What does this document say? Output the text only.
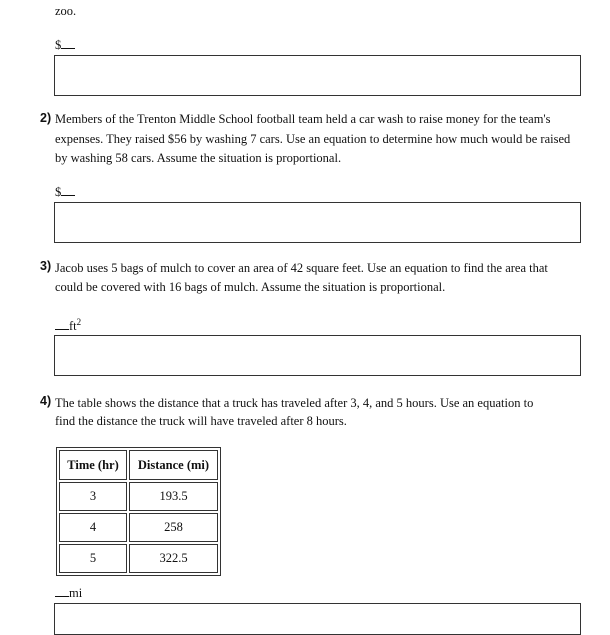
zoo.
$
2) Members of the Trenton Middle School football team held a car wash to raise money for the team's
expenses. They raised $56 by washing 7 cars. Use an equation to determine how much would be raised
by washing 58 cars. Assume the situation is proportional.
$
3) Jacob uses 5 bags of mulch to cover an area of 42 square feet. Use an equation to find the area that
could be covered with 16 bags of mulch. Assume the situation is proportional.
$ft^2$
4) The table shows the distance that a truck has traveled after 3, 4, and 5 hours. Use an equation to
find the distance the truck will have traveled after 8 hours.
Time (hr)	Distance (mi)
3	193.5
4	258
5	322.5
mi
